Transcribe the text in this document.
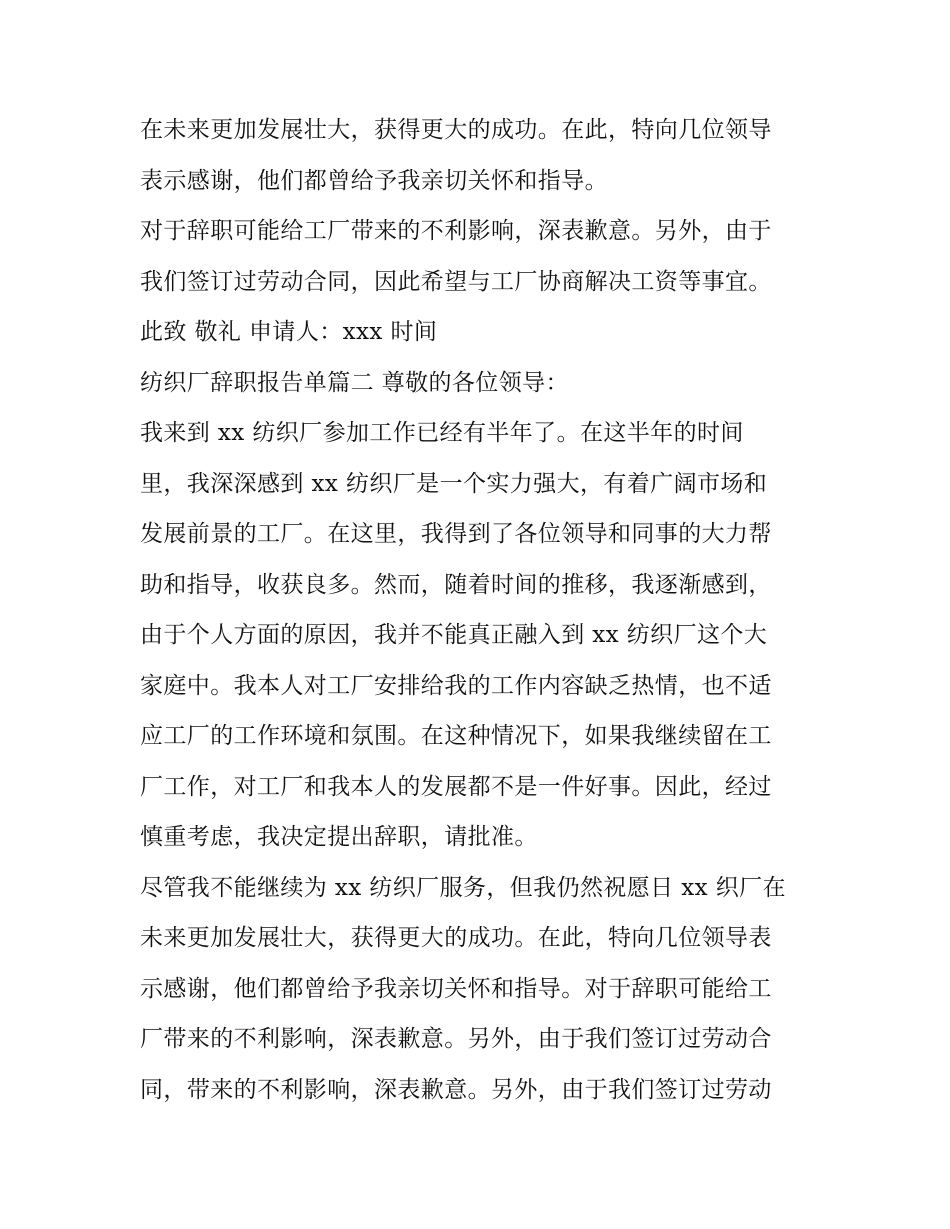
在未来更加发展壮大，获得更大的成功。在此，特向几位领导
表示感谢，他们都曾给予我亲切关怀和指导。
对于辞职可能给工厂带来的不利影响，深表歉意。另外，由于
我们签订过劳动合同，因此希望与工厂协商解决工资等事宜。
此致 敬礼 申请人：xxx 时间
纺织厂辞职报告单篇二 尊敬的各位领导：
我来到 xx 纺织厂参加工作已经有半年了。在这半年的时间
里，我深深感到 xx 纺织厂是一个实力强大，有着广阔市场和
发展前景的工厂。在这里，我得到了各位领导和同事的大力帮
助和指导，收获良多。然而，随着时间的推移，我逐渐感到，
由于个人方面的原因，我并不能真正融入到 xx 纺织厂这个大
家庭中。我本人对工厂安排给我的工作内容缺乏热情，也不适
应工厂的工作环境和氛围。在这种情况下，如果我继续留在工
厂工作，对工厂和我本人的发展都不是一件好事。因此，经过
慎重考虑，我决定提出辞职，请批准。
尽管我不能继续为 xx 纺织厂服务，但我仍然祝愿日 xx 织厂在
未来更加发展壮大，获得更大的成功。在此，特向几位领导表
示感谢，他们都曾给予我亲切关怀和指导。对于辞职可能给工
厂带来的不利影响，深表歉意。另外，由于我们签订过劳动合
同，带来的不利影响，深表歉意。另外，由于我们签订过劳动
